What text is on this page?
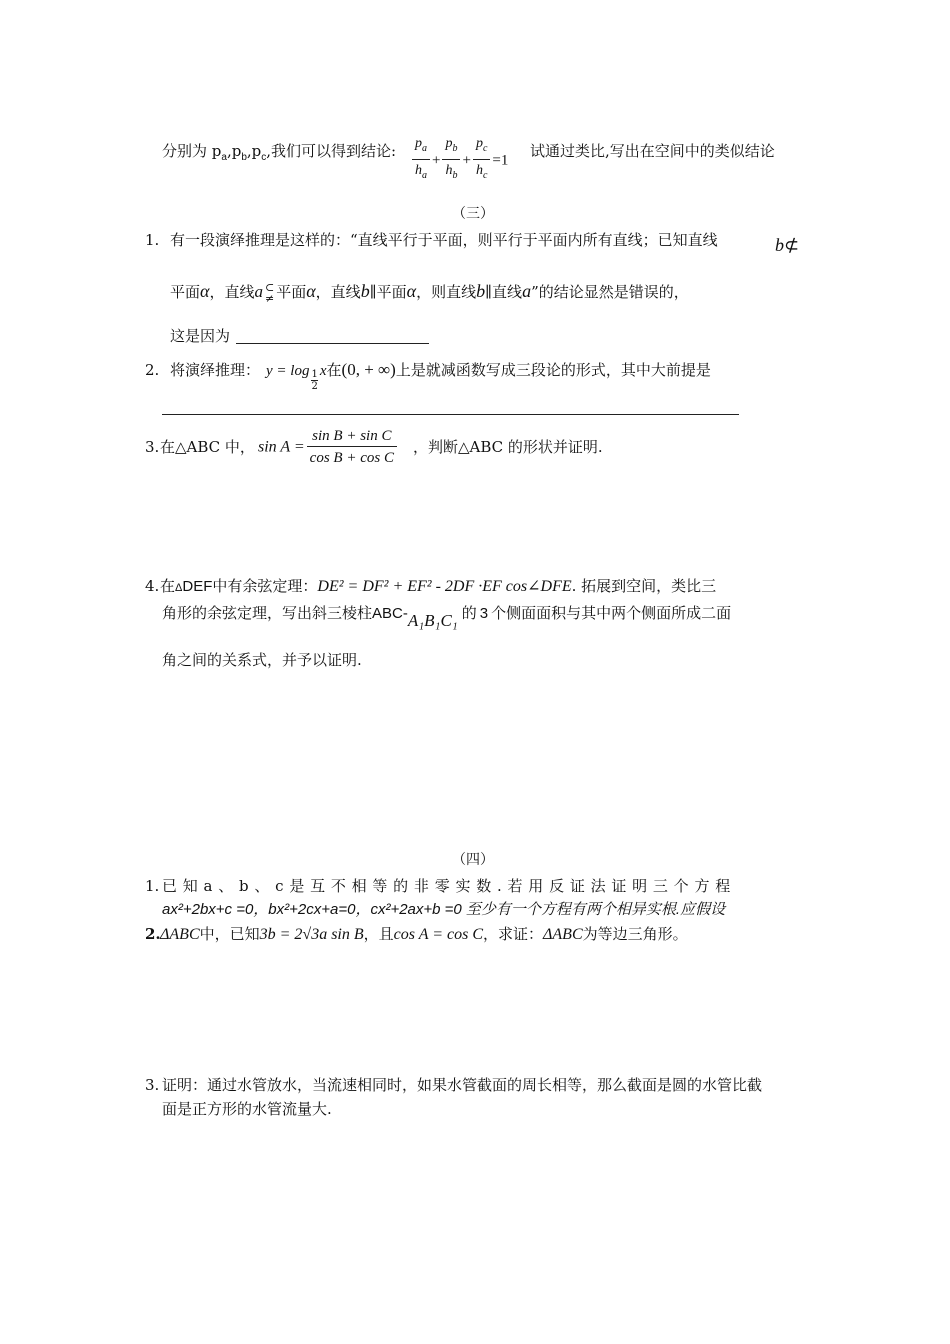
分别为 $p_a,p_b,p_c$,我们可以得到结论: $\frac{p_a}{h_a} + \frac{p_b}{h_b} + \frac{p_c}{h_c} =1$
试通过类比,写出在空间中的类似结论
（三）
1. 有一段演绎推理是这样的：“直线平行于平面，则平行于平面内所有直线；已知直线	b⊄
平面α，直线a ⊂
≠ 平面α，直线b∥平面α，则直线b∥直线a”的结论显然是错误的，
这是因为
2. 将演绎推理： $y = \log \frac{1}{2}$ x在(0, + ∞)上是就减函数写成三段论的形式，其中大前提是
3. 在△ABC 中， $\sin A = \frac{\text{sin B + sin C}}{\text{cos B + cos C}}$ ，判断△ABC 的形状并证明.
4. 在ΔDEF中有余弦定理：DE² = DF² + EF² - 2DF ·EF cos∠DFE. 拓展到空间，类比三
角形的余弦定理，写出斜三棱柱ABC-A₁B₁C₁ 的 3 个侧面面积与其中两个侧面所成二面
角之间的关系式，并予以证明.
（四）
1. 已 知 a 、 b 、 c 是 互 不 相 等 的 非 零 实 数 . 若 用 反 证 法 证 明 三 个 方 程
ax²+2bx+c =0，bx²+2cx+a=0，cx²+2ax+b =0 至少有一个方程有两个相异实根.应假设
2. ΔABC中，已知3b = 2√3a sin B，且cos A = cos C，求证：ΔABC为等边三角形。
3. 证明：通过水管放水，当流速相同时，如果水管截面的周长相等，那么截面是圆的水管比截
面是正方形的水管流量大.
